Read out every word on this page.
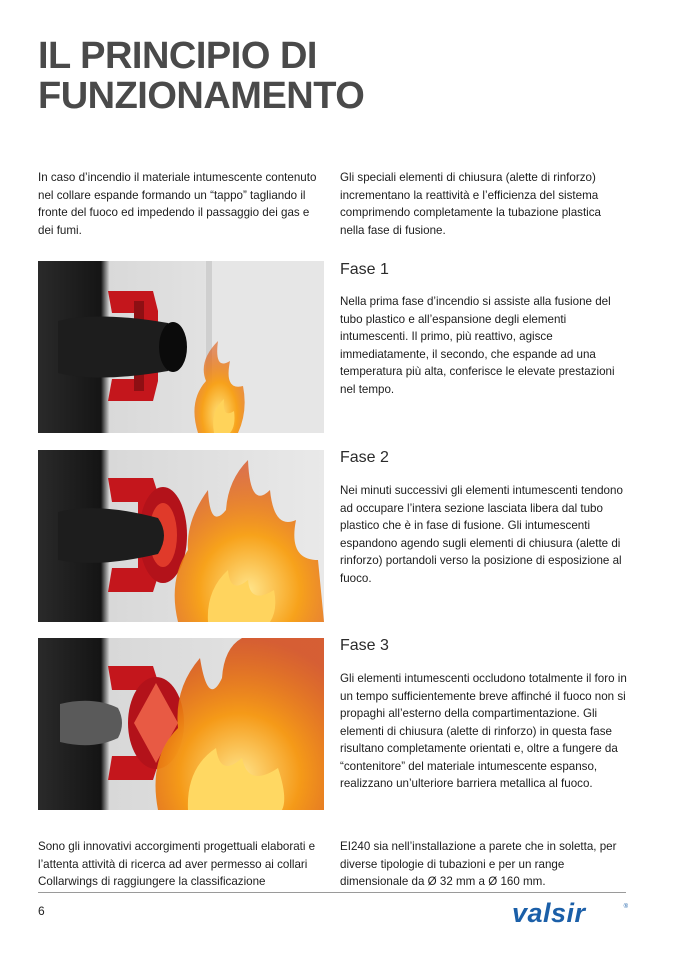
IL PRINCIPIO DI FUNZIONAMENTO

In caso d’incendio il materiale intumescente contenuto nel collare espande formando un “tappo” tagliando il fronte del fuoco ed impedendo il passaggio dei gas e dei fumi.

Gli speciali elementi di chiusura (alette di rinforzo) incrementano la reattività e l’efficienza del sistema comprimendo completamente la tubazione plastica nella fase di fusione.

Fase 1

Nella prima fase d’incendio si assiste alla fusione del tubo plastico e all’espansione degli elementi intumescenti. Il primo, più reattivo, agisce immediatamente, il secondo, che espande ad una temperatura più alta, conferisce le elevate prestazioni nel tempo.

Fase 2

Nei minuti successivi gli elementi intumescenti tendono ad occupare l’intera sezione lasciata libera dal tubo plastico che è in fase di fusione. Gli intumescenti espandono agendo sugli elementi di chiusura (alette di rinforzo) portandoli verso la posizione di esposizione al fuoco.

Fase 3

Gli elementi intumescenti occludono totalmente il foro in un tempo sufficientemente breve affinché il fuoco non si propaghi all’esterno della compartimentazione. Gli elementi di chiusura (alette di rinforzo) in questa fase risultano completamente orientati e, oltre a fungere da “contenitore” del materiale intumescente espanso, realizzano un’ulteriore barriera metallica al fuoco.

Sono gli innovativi accorgimenti progettuali elaborati e l’attenta attività di ricerca ad aver permesso ai collari Collarwings di raggiungere la classificazione

EI240 sia nell’installazione a parete che in soletta, per diverse tipologie di tubazioni e per un range dimensionale da Ø 32 mm a Ø 160 mm.

6	valsir	®
